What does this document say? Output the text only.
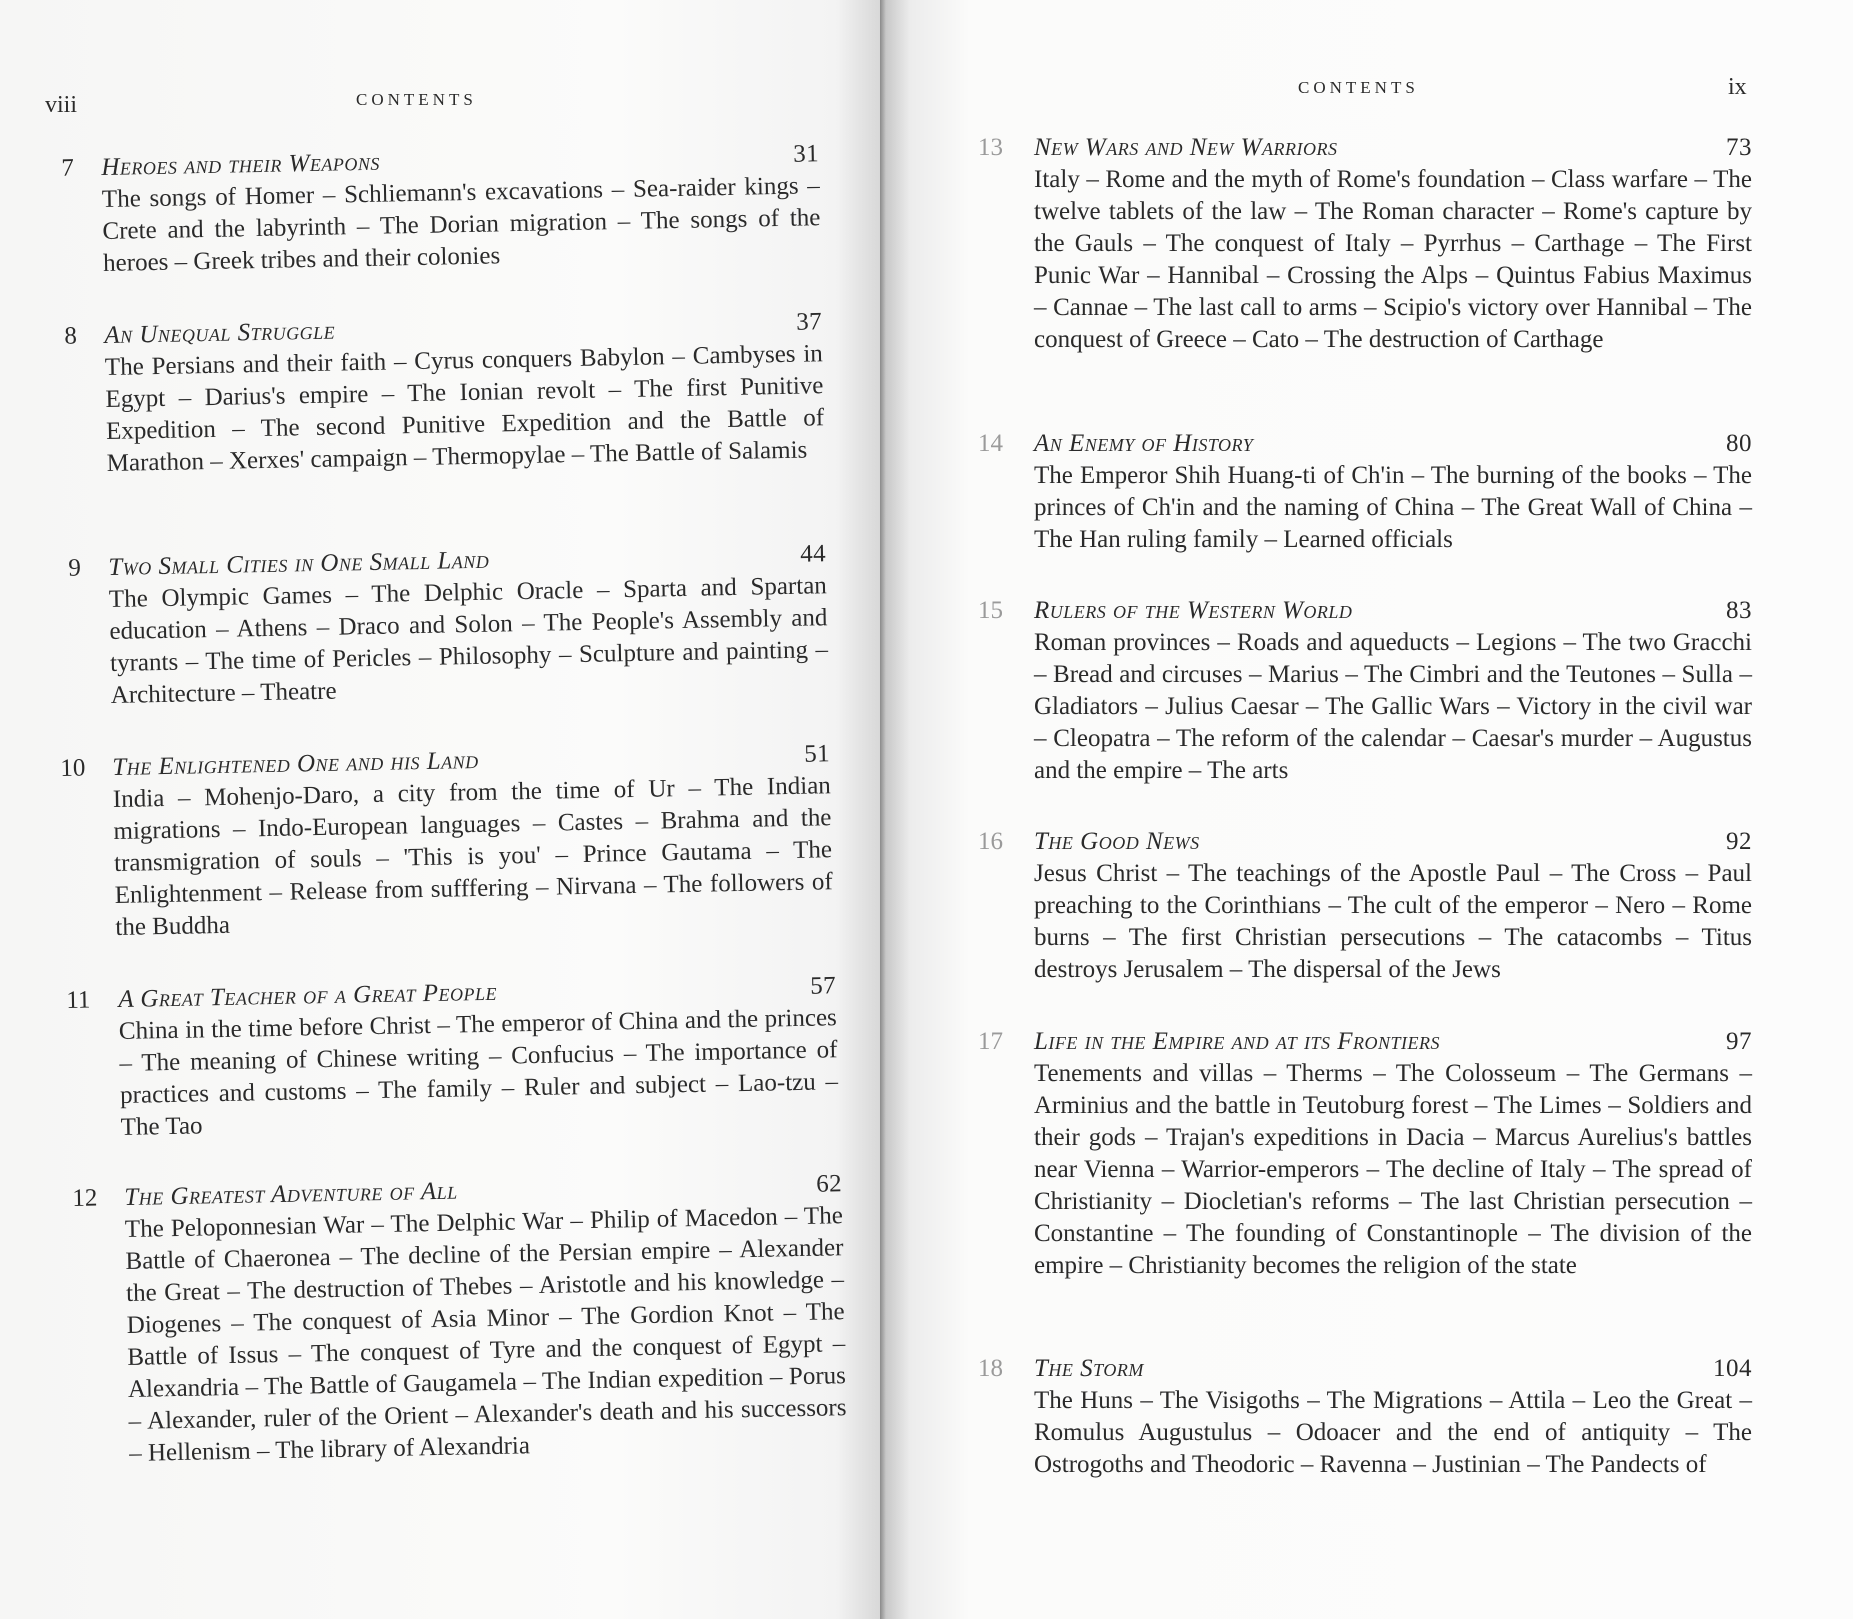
viii	CONTENTS
7 Heroes and their Weapons	31
The songs of Homer – Schliemann's excavations – Sea-raider kings – Crete and the labyrinth – The Dorian migration – The songs of the heroes – Greek tribes and their colonies
8 An Unequal Struggle	37
The Persians and their faith – Cyrus conquers Babylon – Cambyses in Egypt – Darius's empire – The Ionian revolt – The first Punitive Expedition – The second Punitive Expedition and the Battle of Marathon – Xerxes' campaign – Thermopylae – The Battle of Salamis
9 Two Small Cities in One Small Land	44
The Olympic Games – The Delphic Oracle – Sparta and Spartan education – Athens – Draco and Solon – The People's Assembly and tyrants – The time of Pericles – Philosophy – Sculpture and painting – Architecture – Theatre
10 The Enlightened One and his Land	51
India – Mohenjo-Daro, a city from the time of Ur – The Indian migrations – Indo-European languages – Castes – Brahma and the transmigration of souls – 'This is you' – Prince Gautama – The Enlightenment – Release from sufffering – Nirvana – The followers of the Buddha
11 A Great Teacher of a Great People	57
China in the time before Christ – The emperor of China and the princes – The meaning of Chinese writing – Confucius – The importance of practices and customs – The family – Ruler and subject – Lao-tzu – The Tao
12 The Greatest Adventure of All	62
The Peloponnesian War – The Delphic War – Philip of Macedon – The Battle of Chaeronea – The decline of the Persian empire – Alexander the Great – The destruction of Thebes – Aristotle and his knowledge – Diogenes – The conquest of Asia Minor – The Gordion Knot – The Battle of Issus – The conquest of Tyre and the conquest of Egypt – Alexandria – The Battle of Gaugamela – The Indian expedition – Porus – Alexander, ruler of the Orient – Alexander's death and his successors – Hellenism – The library of Alexandria
CONTENTS	ix
13 New Wars and New Warriors	73
Italy – Rome and the myth of Rome's foundation – Class warfare – The twelve tablets of the law – The Roman character – Rome's capture by the Gauls – The conquest of Italy – Pyrrhus – Carthage – The First Punic War – Hannibal – Crossing the Alps – Quintus Fabius Maximus – Cannae – The last call to arms – Scipio's victory over Hannibal – The conquest of Greece – Cato – The destruction of Carthage
14 An Enemy of History	80
The Emperor Shih Huang-ti of Ch'in – The burning of the books – The princes of Ch'in and the naming of China – The Great Wall of China – The Han ruling family – Learned officials
15 Rulers of the Western World	83
Roman provinces – Roads and aqueducts – Legions – The two Gracchi – Bread and circuses – Marius – The Cimbri and the Teutones – Sulla – Gladiators – Julius Caesar – The Gallic Wars – Victory in the civil war – Cleopatra – The reform of the calendar – Caesar's murder – Augustus and the empire – The arts
16 The Good News	92
Jesus Christ – The teachings of the Apostle Paul – The Cross – Paul preaching to the Corinthians – The cult of the emperor – Nero – Rome burns – The first Christian persecutions – The catacombs – Titus destroys Jerusalem – The dispersal of the Jews
17 Life in the Empire and at its Frontiers	97
Tenements and villas – Therms – The Colosseum – The Germans – Arminius and the battle in Teutoburg forest – The Limes – Soldiers and their gods – Trajan's expeditions in Dacia – Marcus Aurelius's battles near Vienna – Warrior-emperors – The decline of Italy – The spread of Christianity – Diocletian's reforms – The last Christian persecution – Constantine – The founding of Constantinople – The division of the empire – Christianity becomes the religion of the state
18 The Storm	104
The Huns – The Visigoths – The Migrations – Attila – Leo the Great – Romulus Augustulus – Odoacer and the end of antiquity – The Ostrogoths and Theodoric – Ravenna – Justinian – The Pandects of
